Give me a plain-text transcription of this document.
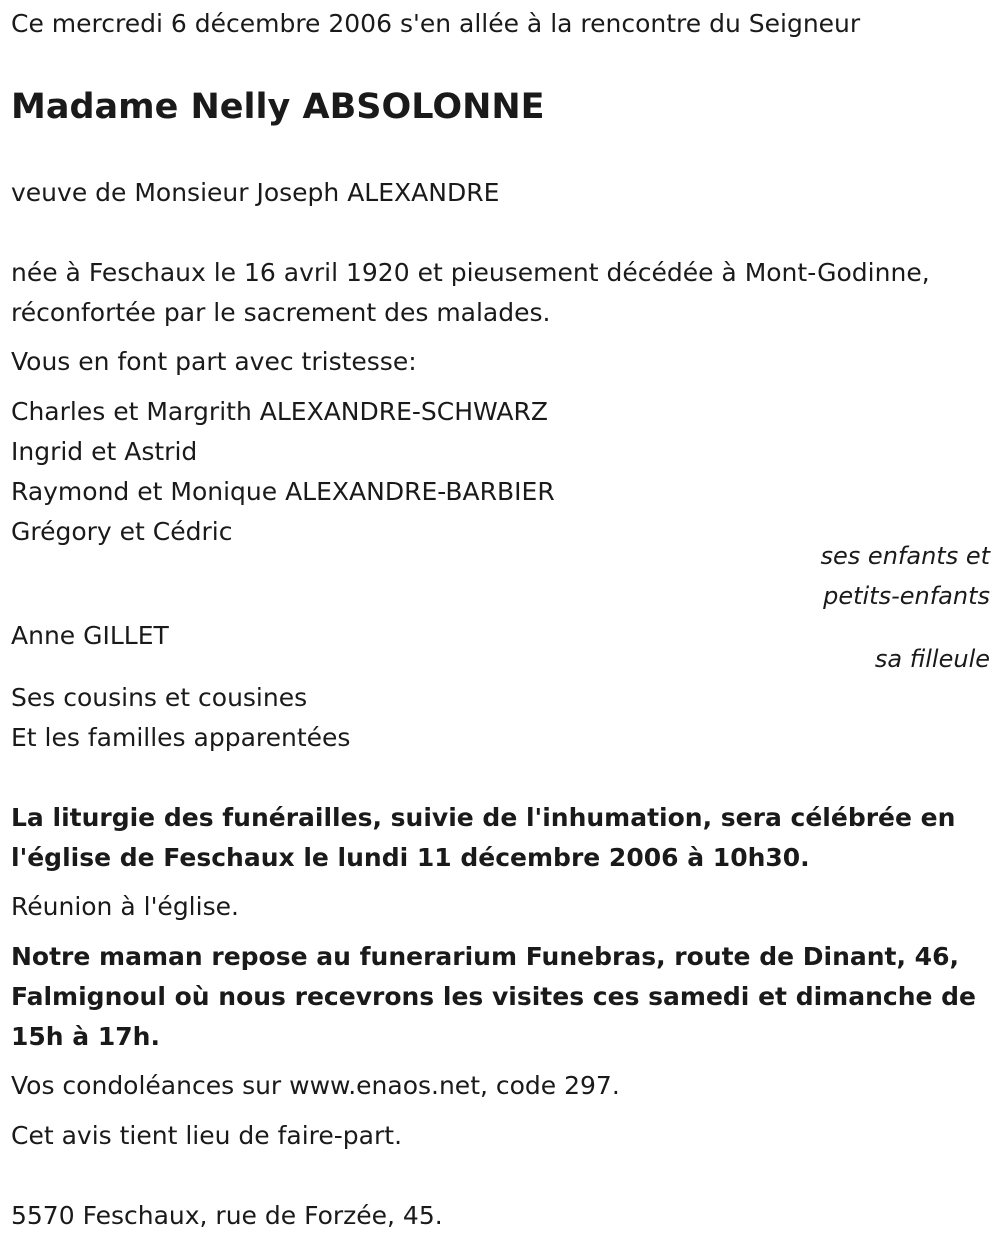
Ce mercredi 6 décembre 2006 s'en allée à la rencontre du Seigneur
Madame Nelly ABSOLONNE
veuve de Monsieur Joseph ALEXANDRE
née à Feschaux le 16 avril 1920 et pieusement décédée à Mont-Godinne,
réconfortée par le sacrement des malades.
Vous en font part avec tristesse:
Charles et Margrith ALEXANDRE-SCHWARZ
Ingrid et Astrid
Raymond et Monique ALEXANDRE-BARBIER
Grégory et Cédric
ses enfants et
petits-enfants
Anne GILLET
sa filleule
Ses cousins et cousines
Et les familles apparentées
La liturgie des funérailles, suivie de l'inhumation, sera célébrée en
l'église de Feschaux le lundi 11 décembre 2006 à 10h30.
Réunion à l'église.
Notre maman repose au funerarium Funebras, route de Dinant, 46,
Falmignoul où nous recevrons les visites ces samedi et dimanche de
15h à 17h.
Vos condoléances sur www.enaos.net, code 297.
Cet avis tient lieu de faire-part.
5570 Feschaux, rue de Forzée, 45.
